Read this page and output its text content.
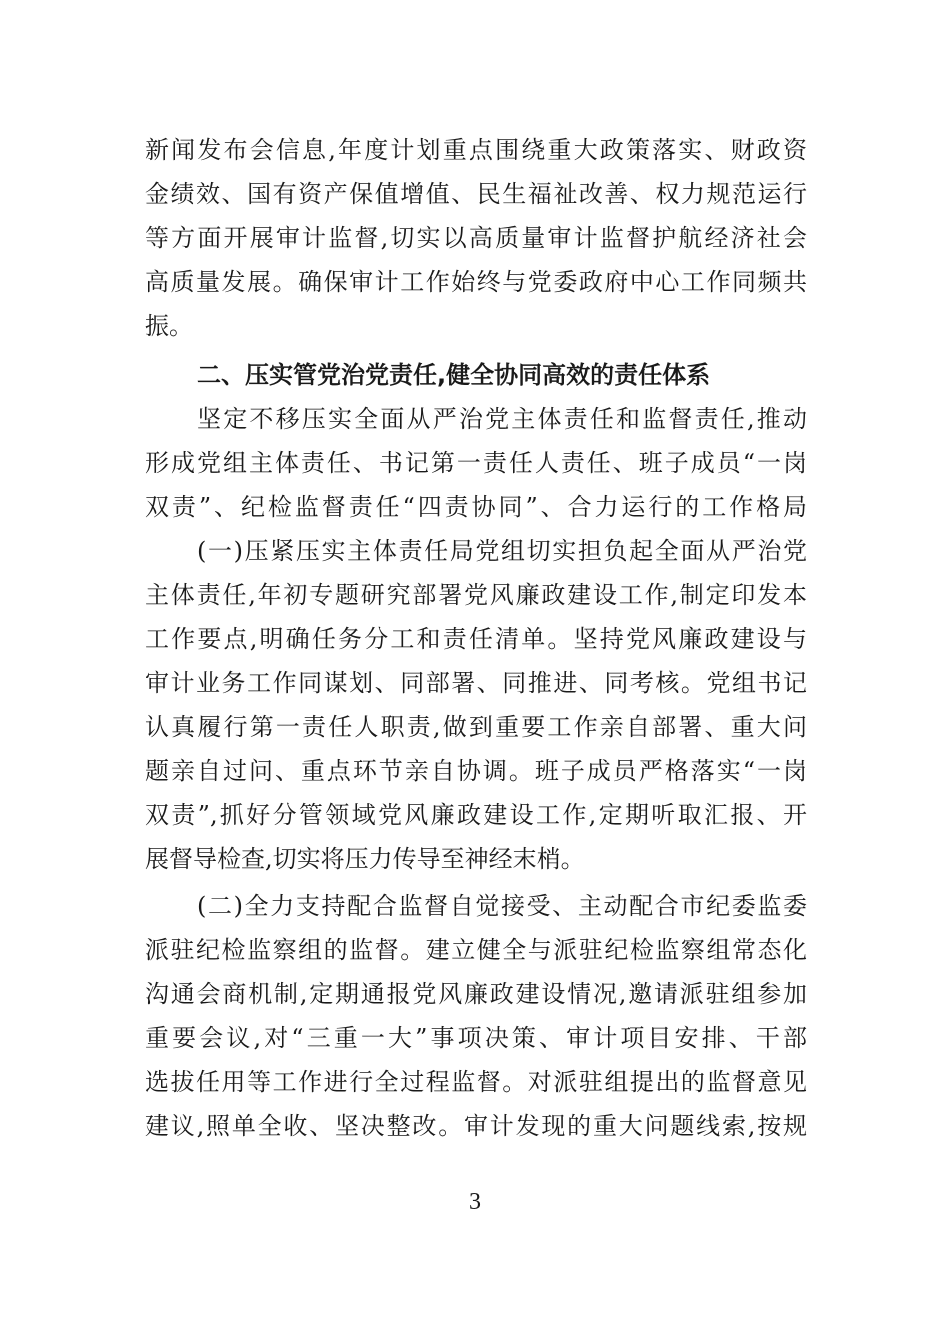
新闻发布会信息,年度计划重点围绕重大政策落实、财政资
金绩效、国有资产保值增值、民生福祉改善、权力规范运行
等方面开展审计监督,切实以高质量审计监督护航经济社会
高质量发展。确保审计工作始终与党委政府中心工作同频共
振。
二、压实管党治党责任,健全协同高效的责任体系
坚定不移压实全面从严治党主体责任和监督责任,推动
形成党组主体责任、书记第一责任人责任、班子成员“一岗
双责”、纪检监督责任“四责协同”、合力运行的工作格局
(一)压紧压实主体责任局党组切实担负起全面从严治党
主体责任,年初专题研究部署党风廉政建设工作,制定印发本
工作要点,明确任务分工和责任清单。坚持党风廉政建设与
审计业务工作同谋划、同部署、同推进、同考核。党组书记
认真履行第一责任人职责,做到重要工作亲自部署、重大问
题亲自过问、重点环节亲自协调。班子成员严格落实“一岗
双责”,抓好分管领域党风廉政建设工作,定期听取汇报、开
展督导检查,切实将压力传导至神经末梢。
(二)全力支持配合监督自觉接受、主动配合市纪委监委
派驻纪检监察组的监督。建立健全与派驻纪检监察组常态化
沟通会商机制,定期通报党风廉政建设情况,邀请派驻组参加
重要会议,对“三重一大”事项决策、审计项目安排、干部
选拔任用等工作进行全过程监督。对派驻组提出的监督意见
建议,照单全收、坚决整改。审计发现的重大问题线索,按规
3
